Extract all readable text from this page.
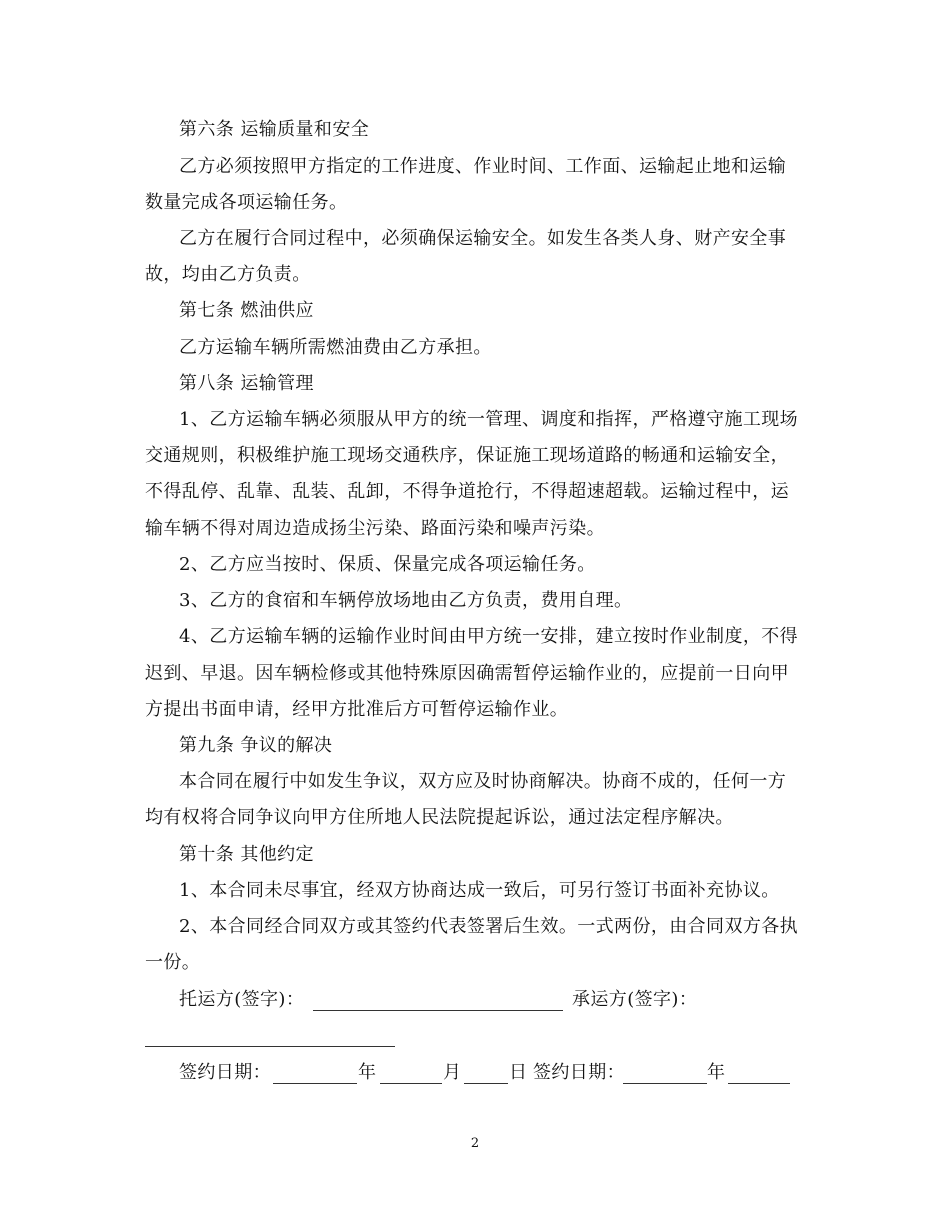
第六条 运输质量和安全
乙方必须按照甲方指定的工作进度、作业时间、工作面、运输起止地和运输
数量完成各项运输任务。
乙方在履行合同过程中，必须确保运输安全。如发生各类人身、财产安全事
故，均由乙方负责。
第七条 燃油供应
乙方运输车辆所需燃油费由乙方承担。
第八条 运输管理
1、乙方运输车辆必须服从甲方的统一管理、调度和指挥，严格遵守施工现场
交通规则，积极维护施工现场交通秩序，保证施工现场道路的畅通和运输安全，
不得乱停、乱靠、乱装、乱卸，不得争道抢行，不得超速超载。运输过程中，运
输车辆不得对周边造成扬尘污染、路面污染和噪声污染。
2、乙方应当按时、保质、保量完成各项运输任务。
3、乙方的食宿和车辆停放场地由乙方负责，费用自理。
4、乙方运输车辆的运输作业时间由甲方统一安排，建立按时作业制度，不得
迟到、早退。因车辆检修或其他特殊原因确需暂停运输作业的，应提前一日向甲
方提出书面申请，经甲方批准后方可暂停运输作业。
第九条 争议的解决
本合同在履行中如发生争议，双方应及时协商解决。协商不成的，任何一方
均有权将合同争议向甲方住所地人民法院提起诉讼，通过法定程序解决。
第十条 其他约定
1、本合同未尽事宜，经双方协商达成一致后，可另行签订书面补充协议。
2、本合同经合同双方或其签约代表签署后生效。一式两份，由合同双方各执
一份。
托运方(签字)：	承运方(签字)：
签约日期：	年	月	日 签约日期：	年
2
